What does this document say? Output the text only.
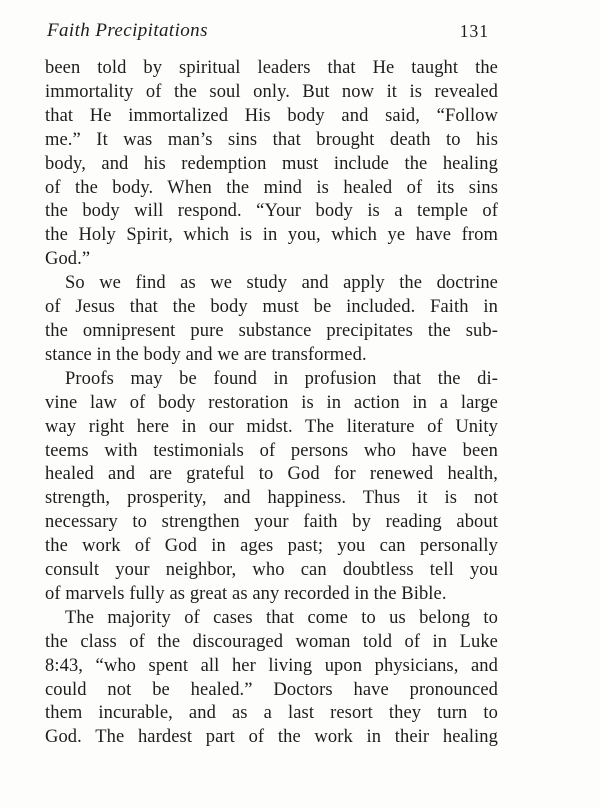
Faith Precipitations	131
been told by spiritual leaders that He taught the
immortality of the soul only. But now it is revealed
that He immortalized His body and said, “Follow
me.” It was man’s sins that brought death to his
body, and his redemption must include the healing
of the body. When the mind is healed of its sins
the body will respond. “Your body is a temple of
the Holy Spirit, which is in you, which ye have from
God.”
So we find as we study and apply the doctrine
of Jesus that the body must be included. Faith in
the omnipresent pure substance precipitates the sub-
stance in the body and we are transformed.
Proofs may be found in profusion that the di-
vine law of body restoration is in action in a large
way right here in our midst. The literature of Unity
teems with testimonials of persons who have been
healed and are grateful to God for renewed health,
strength, prosperity, and happiness. Thus it is not
necessary to strengthen your faith by reading about
the work of God in ages past; you can personally
consult your neighbor, who can doubtless tell you
of marvels fully as great as any recorded in the Bible.
The majority of cases that come to us belong to
the class of the discouraged woman told of in Luke
8:43, “who spent all her living upon physicians, and
could not be healed.” Doctors have pronounced
them incurable, and as a last resort they turn to
God. The hardest part of the work in their healing
